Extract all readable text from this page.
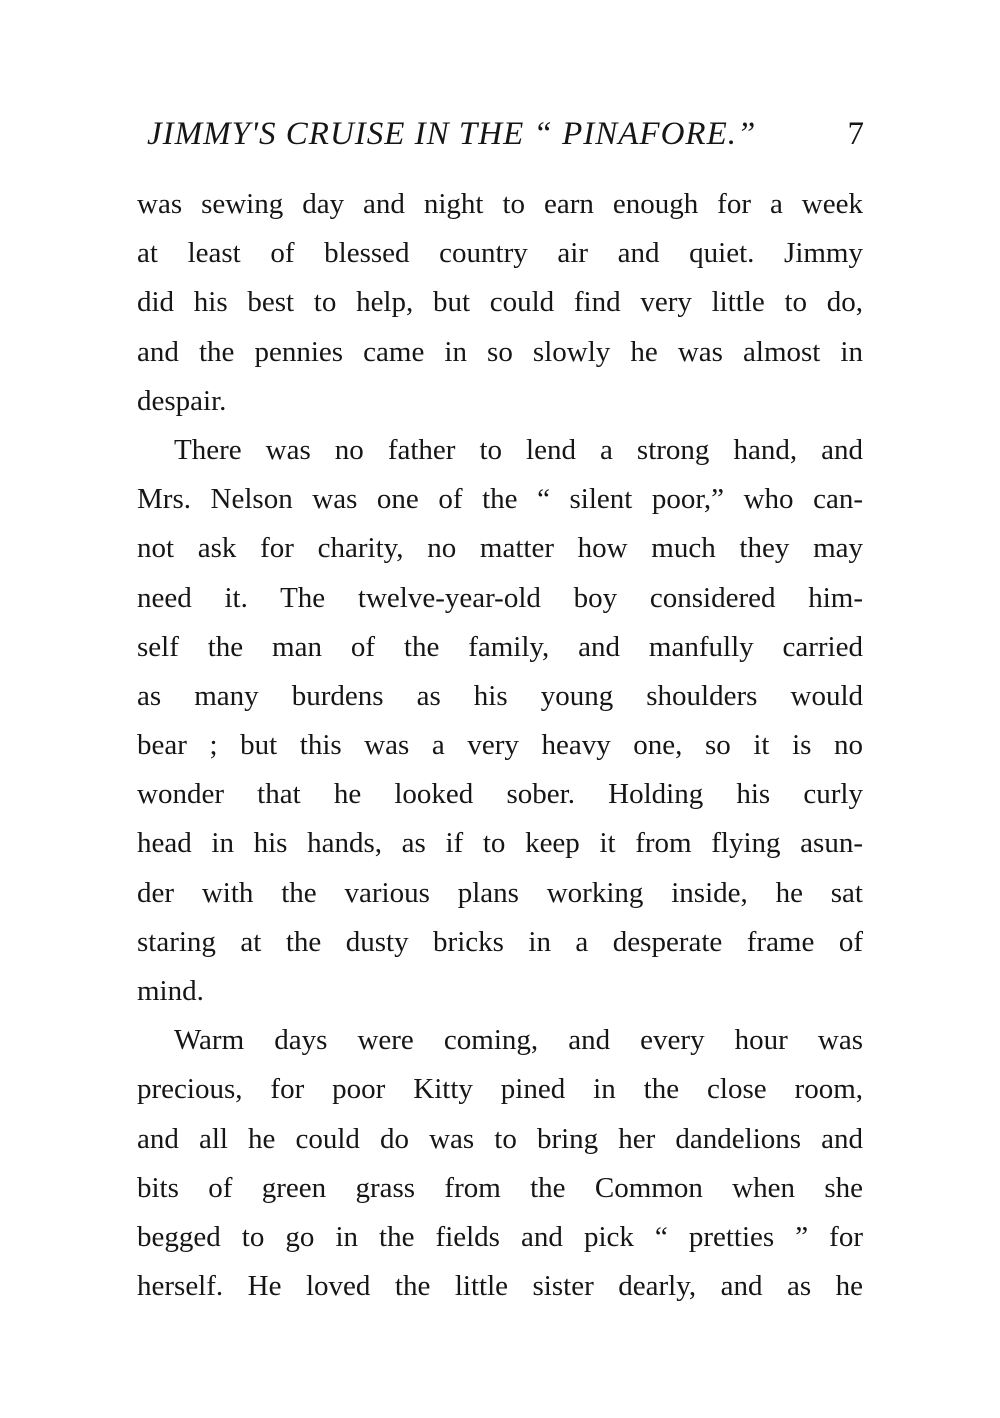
JIMMY'S CRUISE IN THE “ PINAFORE.”	7
was sewing day and night to earn enough for a week
at least of blessed country air and quiet. Jimmy
did his best to help, but could find very little to do,
and the pennies came in so slowly he was almost in
despair.
There was no father to lend a strong hand, and
Mrs. Nelson was one of the “ silent poor,” who can-
not ask for charity, no matter how much they may
need it. The twelve-year-old boy considered him-
self the man of the family, and manfully carried
as many burdens as his young shoulders would
bear ; but this was a very heavy one, so it is no
wonder that he looked sober. Holding his curly
head in his hands, as if to keep it from flying asun-
der with the various plans working inside, he sat
staring at the dusty bricks in a desperate frame of
mind.
Warm days were coming, and every hour was
precious, for poor Kitty pined in the close room,
and all he could do was to bring her dandelions and
bits of green grass from the Common when she
begged to go in the fields and pick “ pretties ” for
herself. He loved the little sister dearly, and as he
